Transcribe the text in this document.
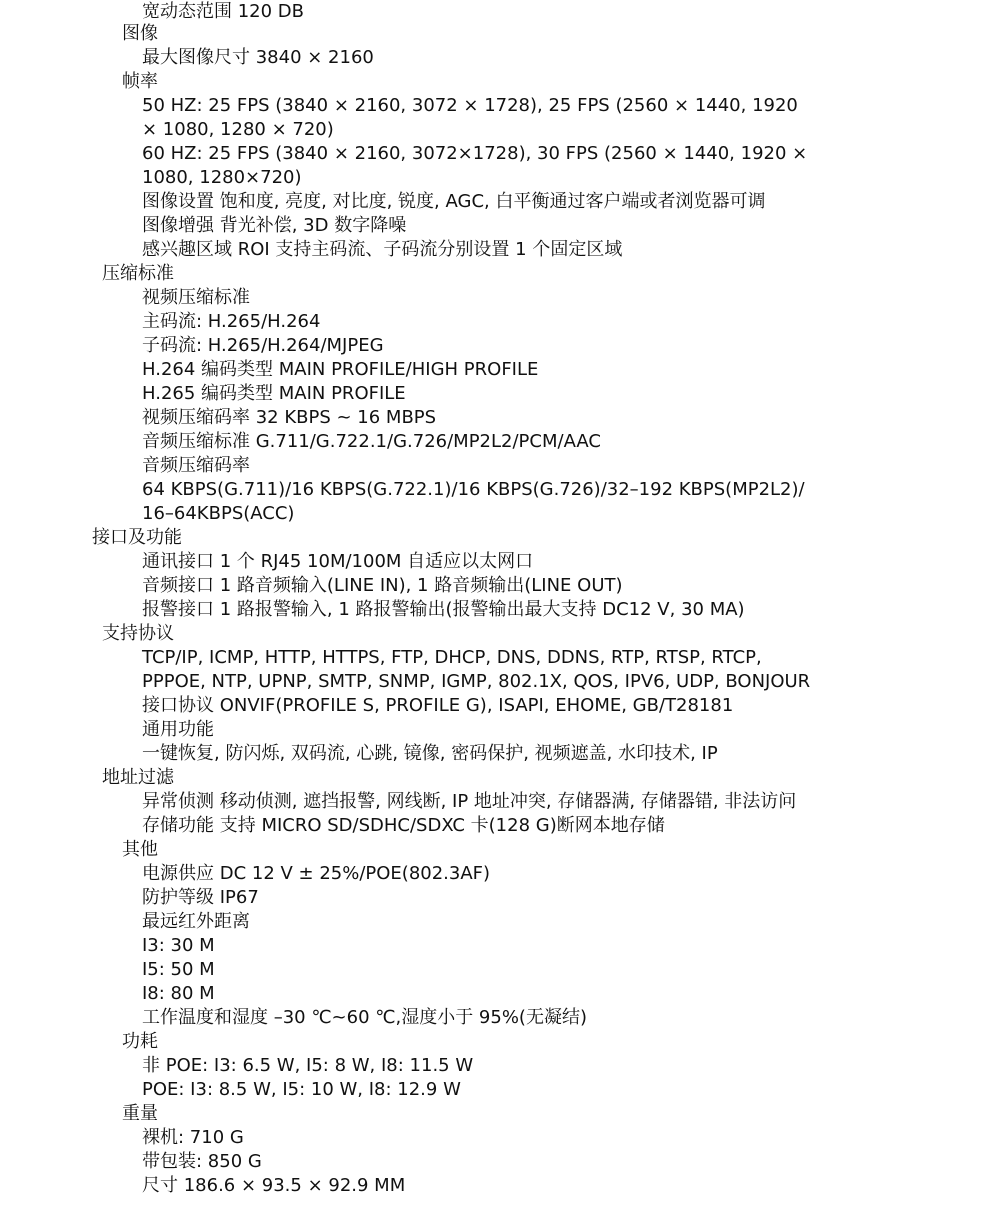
宽动态范围 120 DB
图像
最大图像尺寸 3840 × 2160
帧率
50 HZ: 25 FPS (3840 × 2160, 3072 × 1728), 25 FPS (2560 × 1440, 1920
× 1080, 1280 × 720)
60 HZ: 25 FPS (3840 × 2160, 3072×1728), 30 FPS (2560 × 1440, 1920 ×
1080, 1280×720)
图像设置 饱和度, 亮度, 对比度, 锐度, AGC, 白平衡通过客户端或者浏览器可调
图像增强 背光补偿, 3D 数字降噪
感兴趣区域 ROI 支持主码流、子码流分别设置 1 个固定区域
压缩标准
视频压缩标准
主码流: H.265/H.264
子码流: H.265/H.264/MJPEG
H.264 编码类型 MAIN PROFILE/HIGH PROFILE
H.265 编码类型 MAIN PROFILE
视频压缩码率 32 KBPS ~ 16 MBPS
音频压缩标准 G.711/G.722.1/G.726/MP2L2/PCM/AAC
音频压缩码率
64 KBPS(G.711)/16 KBPS(G.722.1)/16 KBPS(G.726)/32–192 KBPS(MP2L2)/
16–64KBPS(ACC)
接口及功能
通讯接口 1 个 RJ45 10M/100M 自适应以太网口
音频接口 1 路音频输入(LINE IN), 1 路音频输出(LINE OUT)
报警接口 1 路报警输入, 1 路报警输出(报警输出最大支持 DC12 V, 30 MA)
支持协议
TCP/IP, ICMP, HTTP, HTTPS, FTP, DHCP, DNS, DDNS, RTP, RTSP, RTCP,
PPPOE, NTP, UPNP, SMTP, SNMP, IGMP, 802.1X, QOS, IPV6, UDP, BONJOUR
接口协议 ONVIF(PROFILE S, PROFILE G), ISAPI, EHOME, GB/T28181
通用功能
一键恢复, 防闪烁, 双码流, 心跳, 镜像, 密码保护, 视频遮盖, 水印技术, IP
地址过滤
异常侦测 移动侦测, 遮挡报警, 网线断, IP 地址冲突, 存储器满, 存储器错, 非法访问
存储功能 支持 MICRO SD/SDHC/SDXC 卡(128 G)断网本地存储
其他
电源供应 DC 12 V ± 25%/POE(802.3AF)
防护等级 IP67
最远红外距离
I3: 30 M
I5: 50 M
I8: 80 M
工作温度和湿度 –30 ℃~60 ℃,湿度小于 95%(无凝结)
功耗
非 POE: I3: 6.5 W, I5: 8 W, I8: 11.5 W
POE: I3: 8.5 W, I5: 10 W, I8: 12.9 W
重量
裸机: 710 G
带包装: 850 G
尺寸 186.6 × 93.5 × 92.9 MM
